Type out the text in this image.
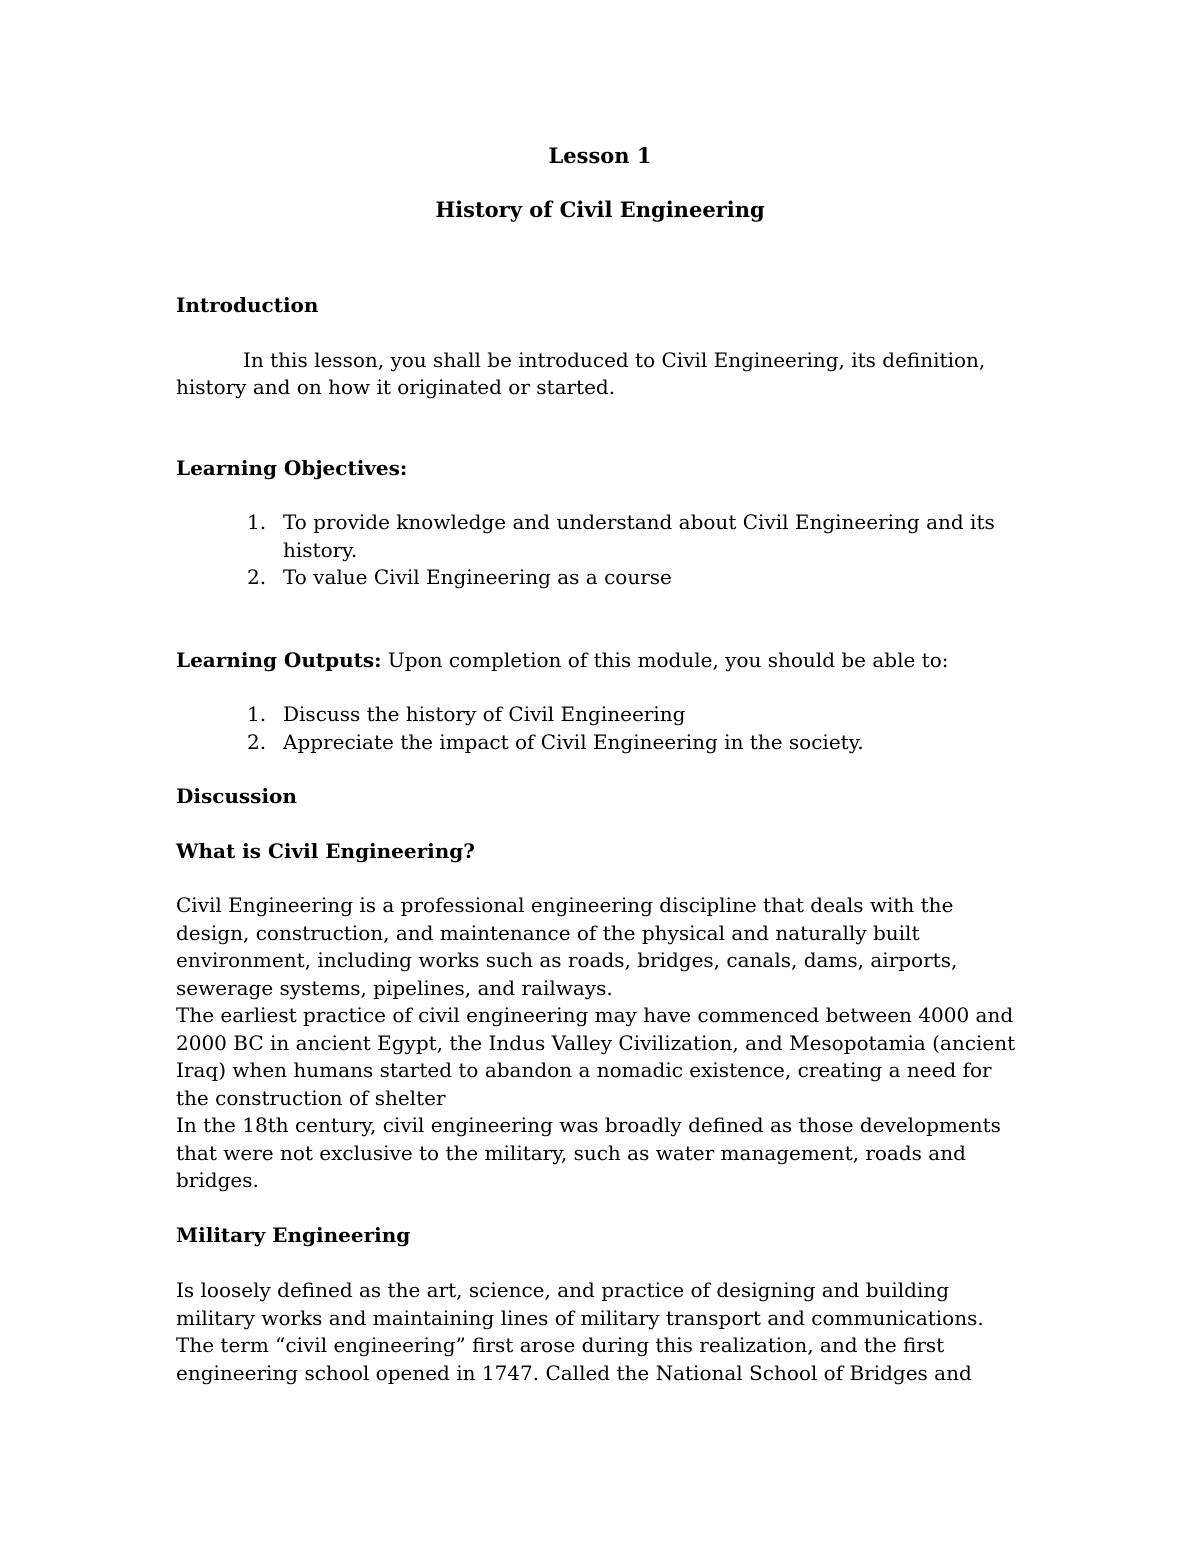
Lesson 1

History of Civil Engineering

Introduction

In this lesson, you shall be introduced to Civil Engineering, its definition, history and on how it originated or started.

Learning Objectives:

1. To provide knowledge and understand about Civil Engineering and its history.
2. To value Civil Engineering as a course

Learning Outputs: Upon completion of this module, you should be able to:

1. Discuss the history of Civil Engineering
2. Appreciate the impact of Civil Engineering in the society.

Discussion

What is Civil Engineering?

Civil Engineering is a professional engineering discipline that deals with the design, construction, and maintenance of the physical and naturally built environment, including works such as roads, bridges, canals, dams, airports, sewerage systems, pipelines, and railways.

The earliest practice of civil engineering may have commenced between 4000 and 2000 BC in ancient Egypt, the Indus Valley Civilization, and Mesopotamia (ancient Iraq) when humans started to abandon a nomadic existence, creating a need for the construction of shelter

In the 18th century, civil engineering was broadly defined as those developments that were not exclusive to the military, such as water management, roads and bridges.

Military Engineering

Is loosely defined as the art, science, and practice of designing and building military works and maintaining lines of military transport and communications.

The term “civil engineering” first arose during this realization, and the first engineering school opened in 1747. Called the National School of Bridges and
